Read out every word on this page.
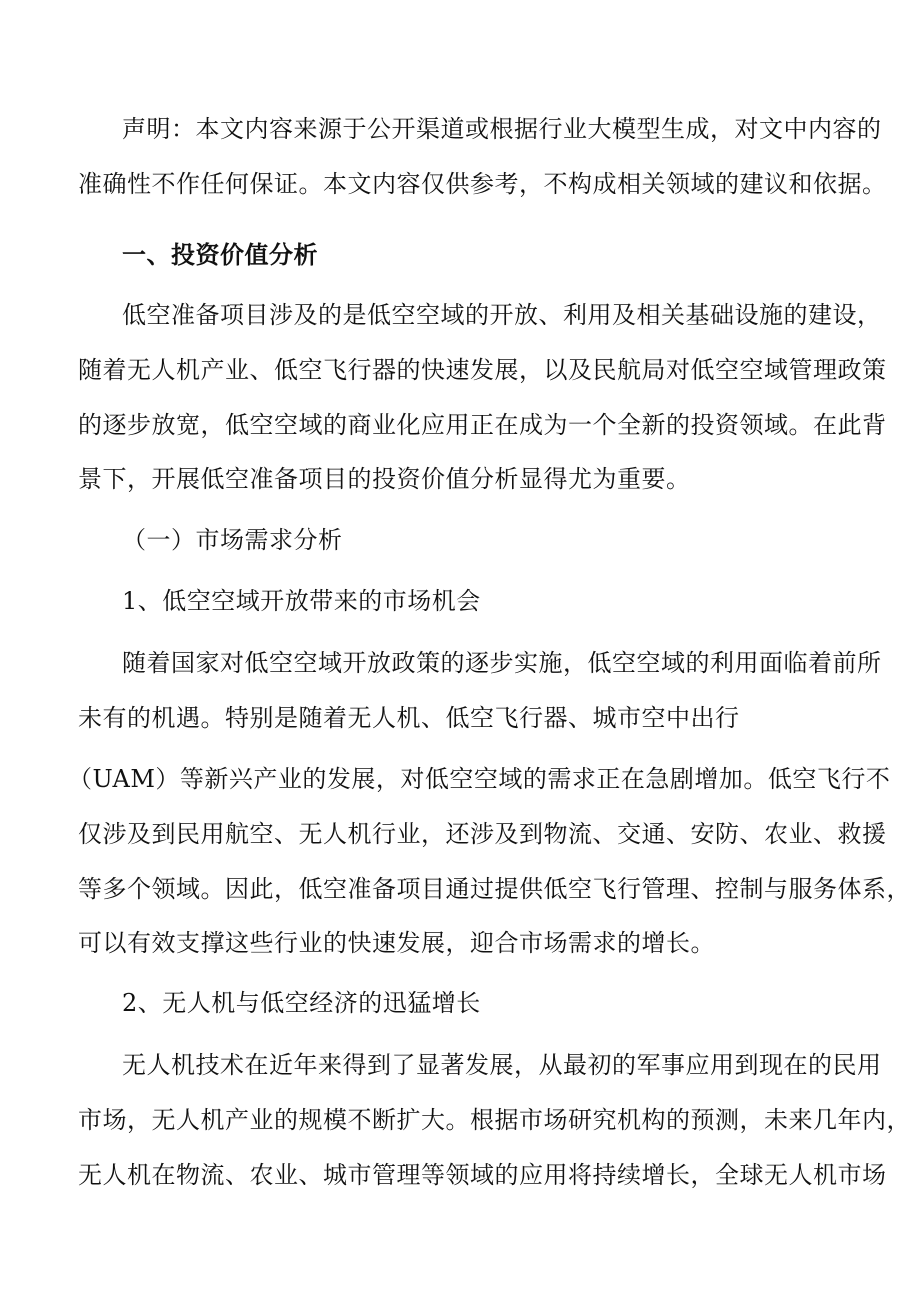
声明：本文内容来源于公开渠道或根据行业大模型生成，对文中内容的
准确性不作任何保证。本文内容仅供参考，不构成相关领域的建议和依据。
一、投资价值分析
低空准备项目涉及的是低空空域的开放、利用及相关基础设施的建设，
随着无人机产业、低空飞行器的快速发展，以及民航局对低空空域管理政策
的逐步放宽，低空空域的商业化应用正在成为一个全新的投资领域。在此背
景下，开展低空准备项目的投资价值分析显得尤为重要。
（一）市场需求分析
1、低空空域开放带来的市场机会
随着国家对低空空域开放政策的逐步实施，低空空域的利用面临着前所
未有的机遇。特别是随着无人机、低空飞行器、城市空中出行
（UAM）等新兴产业的发展，对低空空域的需求正在急剧增加。低空飞行不
仅涉及到民用航空、无人机行业，还涉及到物流、交通、安防、农业、救援
等多个领域。因此，低空准备项目通过提供低空飞行管理、控制与服务体系，
可以有效支撑这些行业的快速发展，迎合市场需求的增长。
2、无人机与低空经济的迅猛增长
无人机技术在近年来得到了显著发展，从最初的军事应用到现在的民用
市场，无人机产业的规模不断扩大。根据市场研究机构的预测，未来几年内，
无人机在物流、农业、城市管理等领域的应用将持续增长，全球无人机市场
